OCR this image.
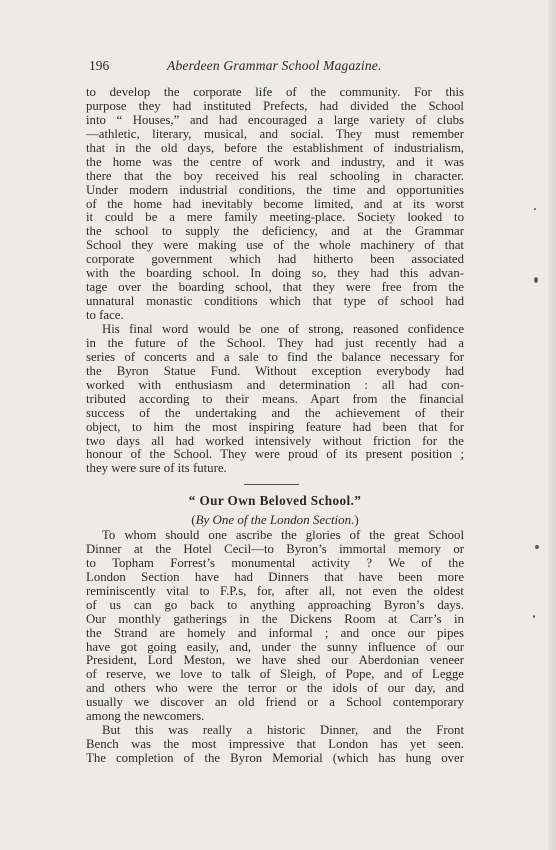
196	Aberdeen Grammar School Magazine.
to develop the corporate life of the community. For this
purpose they had instituted Prefects, had divided the School
into “ Houses,” and had encouraged a large variety of clubs
—athletic, literary, musical, and social. They must remember
that in the old days, before the establishment of industrialism,
the home was the centre of work and industry, and it was
there that the boy received his real schooling in character.
Under modern industrial conditions, the time and opportunities
of the home had inevitably become limited, and at its worst
it could be a mere family meeting-place. Society looked to
the school to supply the deficiency, and at the Grammar
School they were making use of the whole machinery of that
corporate government which had hitherto been associated
with the boarding school. In doing so, they had this advan-
tage over the boarding school, that they were free from the
unnatural monastic conditions which that type of school had
to face.
His final word would be one of strong, reasoned confidence
in the future of the School. They had just recently had a
series of concerts and a sale to find the balance necessary for
the Byron Statue Fund. Without exception everybody had
worked with enthusiasm and determination : all had con-
tributed according to their means. Apart from the financial
success of the undertaking and the achievement of their
object, to him the most inspiring feature had been that for
two days all had worked intensively without friction for the
honour of the School. They were proud of its present position ;
they were sure of its future.
“ Our Own Beloved School.”
(By One of the London Section.)
To whom should one ascribe the glories of the great School
Dinner at the Hotel Cecil—to Byron’s immortal memory or
to Topham Forrest’s monumental activity ? We of the
London Section have had Dinners that have been more
reminiscently vital to F.P.s, for, after all, not even the oldest
of us can go back to anything approaching Byron’s days.
Our monthly gatherings in the Dickens Room at Carr’s in
the Strand are homely and informal ; and once our pipes
have got going easily, and, under the sunny influence of our
President, Lord Meston, we have shed our Aberdonian veneer
of reserve, we love to talk of Sleigh, of Pope, and of Legge
and others who were the terror or the idols of our day, and
usually we discover an old friend or a School contemporary
among the newcomers.
But this was really a historic Dinner, and the Front
Bench was the most impressive that London has yet seen.
The completion of the Byron Memorial (which has hung over
